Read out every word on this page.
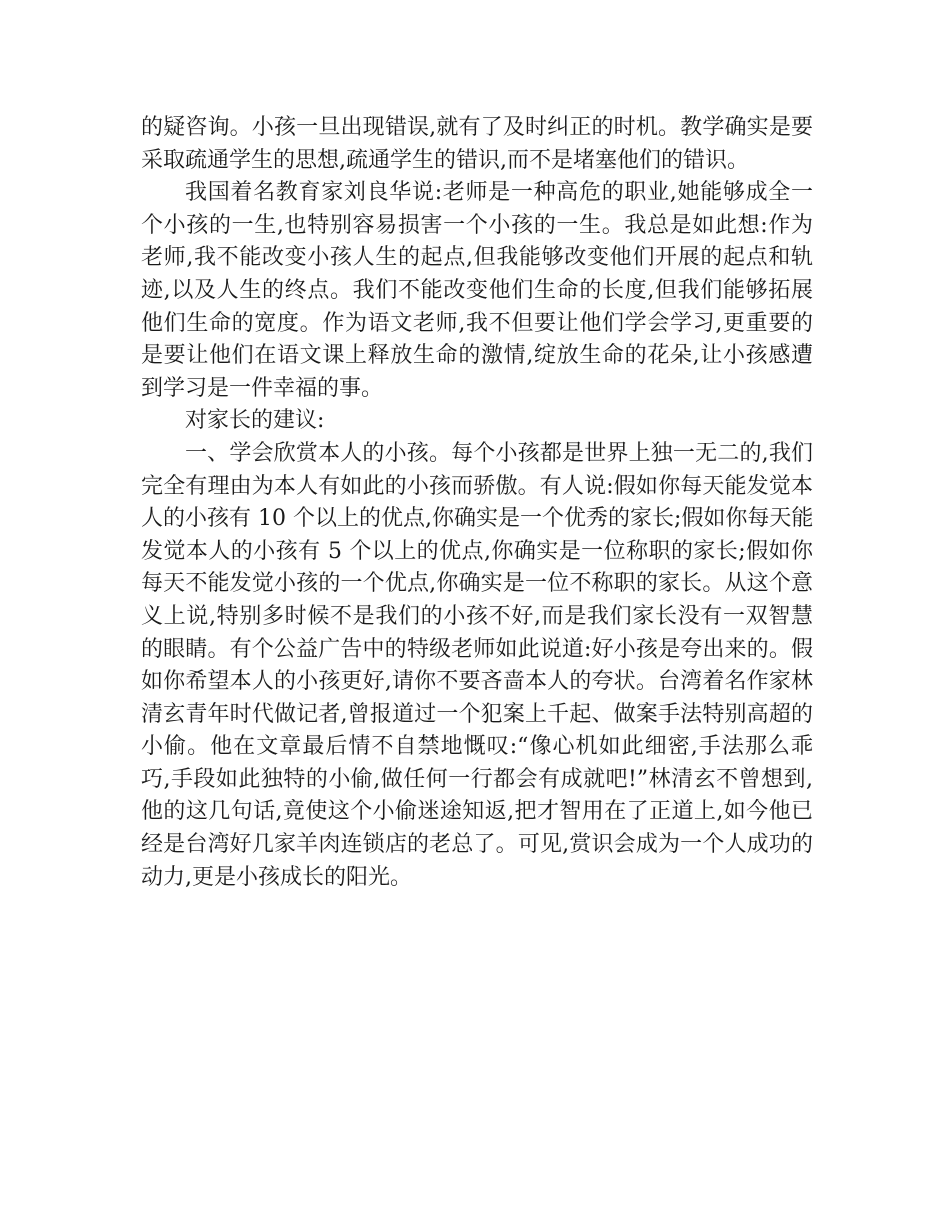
的疑咨询。小孩一旦出现错误,就有了及时纠正的时机。教学确实是要
采取疏通学生的思想,疏通学生的错识,而不是堵塞他们的错识。
我国着名教育家刘良华说:老师是一种高危的职业,她能够成全一
个小孩的一生,也特别容易损害一个小孩的一生。我总是如此想:作为
老师,我不能改变小孩人生的起点,但我能够改变他们开展的起点和轨
迹,以及人生的终点。我们不能改变他们生命的长度,但我们能够拓展
他们生命的宽度。作为语文老师,我不但要让他们学会学习,更重要的
是要让他们在语文课上释放生命的激情,绽放生命的花朵,让小孩感遭
到学习是一件幸福的事。
对家长的建议:
一、学会欣赏本人的小孩。每个小孩都是世界上独一无二的,我们
完全有理由为本人有如此的小孩而骄傲。有人说:假如你每天能发觉本
人的小孩有 10 个以上的优点,你确实是一个优秀的家长;假如你每天能
发觉本人的小孩有 5 个以上的优点,你确实是一位称职的家长;假如你
每天不能发觉小孩的一个优点,你确实是一位不称职的家长。从这个意
义上说,特别多时候不是我们的小孩不好,而是我们家长没有一双智慧
的眼睛。有个公益广告中的特级老师如此说道:好小孩是夸出来的。假
如你希望本人的小孩更好,请你不要吝啬本人的夸状。台湾着名作家林
清玄青年时代做记者,曾报道过一个犯案上千起、做案手法特别高超的
小偷。他在文章最后情不自禁地慨叹:“像心机如此细密,手法那么乖
巧,手段如此独特的小偷,做任何一行都会有成就吧!”林清玄不曾想到,
他的这几句话,竟使这个小偷迷途知返,把才智用在了正道上,如今他已
经是台湾好几家羊肉连锁店的老总了。可见,赏识会成为一个人成功的
动力,更是小孩成长的阳光。
